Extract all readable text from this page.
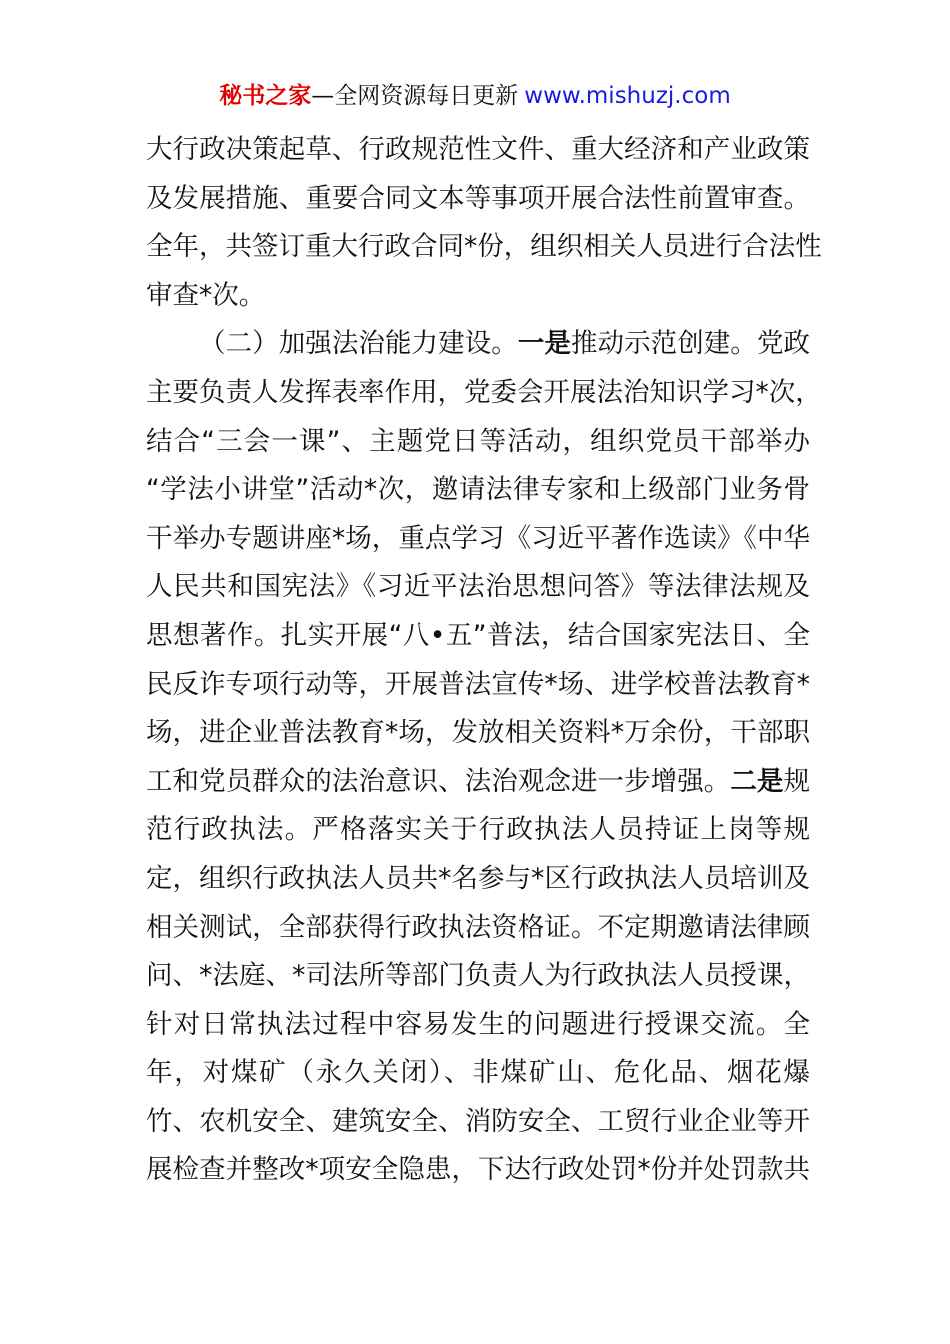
秘书之家—全网资源每日更新 www.mishuzj.com
大行政决策起草、行政规范性文件、重大经济和产业政策
及发展措施、重要合同文本等事项开展合法性前置审查。
全年，共签订重大行政合同*份，组织相关人员进行合法性
审查*次。
（二）加强法治能力建设。一是推动示范创建。党政
主要负责人发挥表率作用，党委会开展法治知识学习*次，
结合“三会一课”、主题党日等活动，组织党员干部举办
“学法小讲堂”活动*次，邀请法律专家和上级部门业务骨
干举办专题讲座*场，重点学习《习近平著作选读》《中华
人民共和国宪法》《习近平法治思想问答》等法律法规及
思想著作。扎实开展“八•五”普法，结合国家宪法日、全
民反诈专项行动等，开展普法宣传*场、进学校普法教育*
场，进企业普法教育*场，发放相关资料*万余份，干部职
工和党员群众的法治意识、法治观念进一步增强。二是规
范行政执法。严格落实关于行政执法人员持证上岗等规
定，组织行政执法人员共*名参与*区行政执法人员培训及
相关测试，全部获得行政执法资格证。不定期邀请法律顾
问、*法庭、*司法所等部门负责人为行政执法人员授课，
针对日常执法过程中容易发生的问题进行授课交流。全
年，对煤矿（永久关闭）、非煤矿山、危化品、烟花爆
竹、农机安全、建筑安全、消防安全、工贸行业企业等开
展检查并整改*项安全隐患，下达行政处罚*份并处罚款共
